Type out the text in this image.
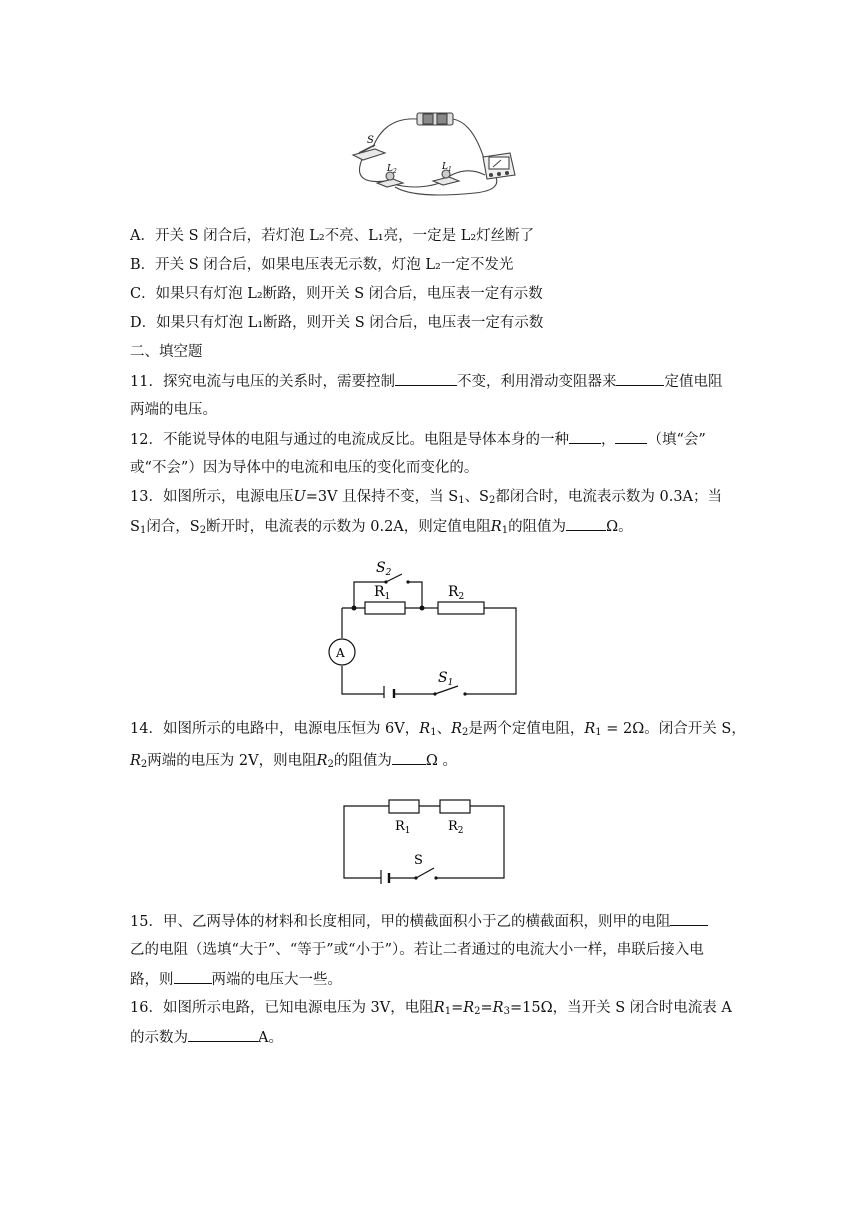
S
$L_2$	$L_1$
A．开关 S 闭合后，若灯泡 L₂不亮、L₁亮，一定是 L₂灯丝断了
B．开关 S 闭合后，如果电压表无示数，灯泡 L₂一定不发光
C．如果只有灯泡 L₂断路，则开关 S 闭合后，电压表一定有示数
D．如果只有灯泡 L₁断路，则开关 S 闭合后，电压表一定有示数
二、填空题
11．探究电流与电压的关系时，需要控制	不变，利用滑动变阻器来	定值电阻
两端的电压。
12．不能说导体的电阻与通过的电流成反比。电阻是导体本身的一种 ， （填“会”
或“不会”）因为导体中的电流和电压的变化而变化的。
13．如图所示，电源电压U=3V 且保持不变，当 $S_1$、$S_2$都闭合时，电流表示数为 0.3A；当
$S_1$闭合，$S_2$断开时，电流表的示数为 0.2A，则定值电阻$R_1$的阻值为	Ω。
$S_2$
$R_1$	$R_2$
A
$S_1$
14．如图所示的电路中，电源电压恒为 6V，$R_1$、$R_2$是两个定值电阻，$R_1 = 2\Omega$。闭合开关 S，
$R_2$两端的电压为 2V，则电阻$R_2$的阻值为 Ω 。
$R_1$	$R_2$
S
15．甲、乙两导体的材料和长度相同，甲的横截面积小于乙的横截面积，则甲的电阻
乙的电阻（选填“大于”、“等于”或“小于”）。若让二者通过的电流大小一样，串联后接入电
路，则	两端的电压大一些。
16．如图所示电路，已知电源电压为 3V，电阻$R_1=R_2=R_3=15\Omega$，当开关 S 闭合时电流表 A
的示数为	A。
